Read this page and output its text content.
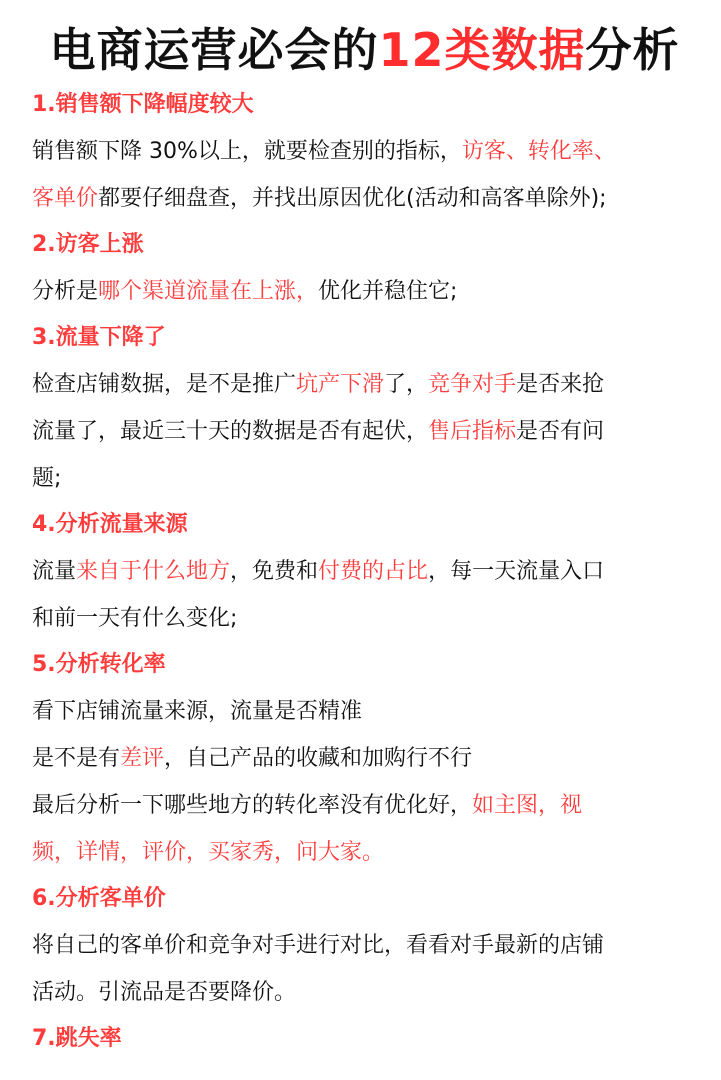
电商运营必会的12类数据分析

1.销售额下降幅度较大

销售额下降 30%以上，就要检查别的指标，访客、转化率、

客单价都要仔细盘查，并找出原因优化(活动和高客单除外);

2.访客上涨

分析是哪个渠道流量在上涨，优化并稳住它;

3.流量下降了

检查店铺数据，是不是推广坑产下滑了，竞争对手是否来抢

流量了，最近三十天的数据是否有起伏，售后指标是否有问

题;

4.分析流量来源

流量来自于什么地方，免费和付费的占比，每一天流量入口

和前一天有什么变化;

5.分析转化率

看下店铺流量来源，流量是否精准

是不是有差评，自己产品的收藏和加购行不行

最后分析一下哪些地方的转化率没有优化好，如主图，视

频，详情，评价，买家秀，问大家。

6.分析客单价

将自己的客单价和竞争对手进行对比，看看对手最新的店铺

活动。引流品是否要降价。

7.跳失率
